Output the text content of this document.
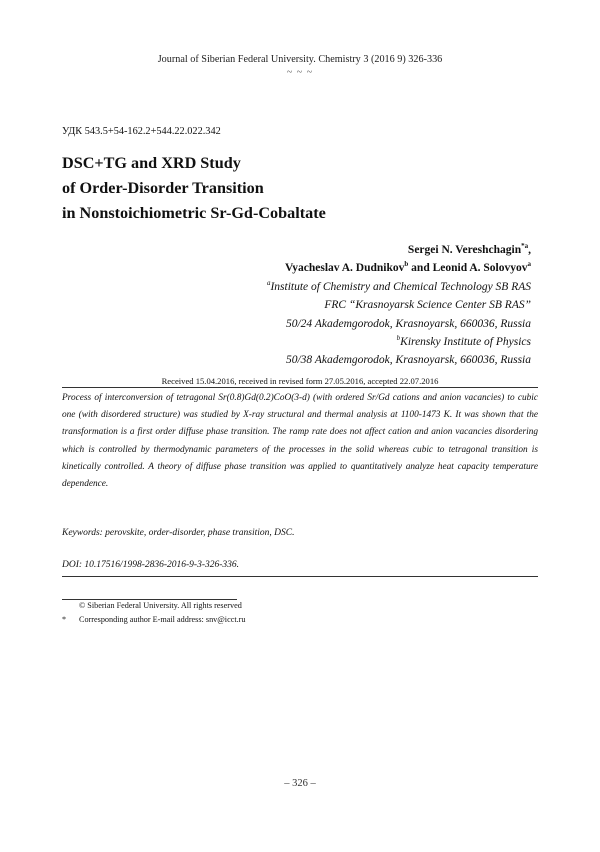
Journal of Siberian Federal University. Chemistry 3 (2016 9) 326-336
~ ~ ~
УДК 543.5+54-162.2+544.22.022.342
DSC+TG and XRD Study
of Order-Disorder Transition
in Nonstoichiometric Sr-Gd-Cobaltate
Sergei N. Vereshchagin$^{*a}$,
Vyacheslav A. Dudnikov$^b$ and Leonid A. Solovyov$^a$
$^a$Institute of Chemistry and Chemical Technology SB RAS
FRC “Krasnoyarsk Science Center SB RAS”
50/24 Akademgorodok, Krasnoyarsk, 660036, Russia
$^b$Kirensky Institute of Physics
50/38 Akademgorodok, Krasnoyarsk, 660036, Russia
Received 15.04.2016, received in revised form 27.05.2016, accepted 22.07.2016
Process of interconversion of tetragonal Sr(0.8)Gd(0.2)CoO(3-d) (with ordered Sr/Gd cations and anion vacancies) to cubic one (with disordered structure) was studied by X-ray structural and thermal analysis at 1100-1473 K. It was shown that the transformation is a first order diffuse phase transition. The ramp rate does not affect cation and anion vacancies disordering which is controlled by thermodynamic parameters of the processes in the solid whereas cubic to tetragonal transition is kinetically controlled. A theory of diffuse phase transition was applied to quantitatively analyze heat capacity temperature dependence.
Keywords: perovskite, order-disorder, phase transition, DSC.
DOI: 10.17516/1998-2836-2016-9-3-326-336.
© Siberian Federal University. All rights reserved
* Corresponding author E-mail address: snv@icct.ru
– 326 –
